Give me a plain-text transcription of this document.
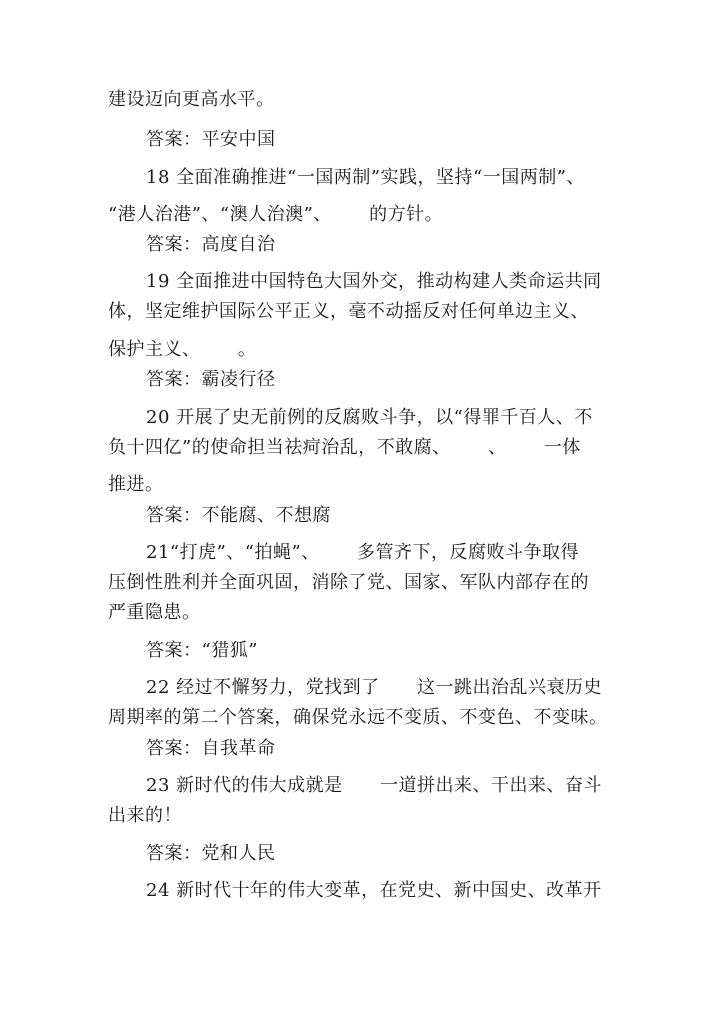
建设迈向更高水平。
答案：平安中国
18 全面准确推进“一国两制”实践，坚持“一国两制”、
“港人治港”、“澳人治澳”、      的方针。
答案：高度自治
19 全面推进中国特色大国外交，推动构建人类命运共同
体，坚定维护国际公平正义，毫不动摇反对任何单边主义、
保护主义、      。
答案：霸凌行径
20 开展了史无前例的反腐败斗争，以“得罪千百人、不
负十四亿”的使命担当祛疴治乱，不敢腐、      、      一体
推进。
答案：不能腐、不想腐
21“打虎”、“拍蝇”、      多管齐下，反腐败斗争取得
压倒性胜利并全面巩固，消除了党、国家、军队内部存在的
严重隐患。
答案：“猎狐”
22 经过不懈努力，党找到了      这一跳出治乱兴衰历史
周期率的第二个答案，确保党永远不变质、不变色、不变味。
答案：自我革命
23 新时代的伟大成就是      一道拼出来、干出来、奋斗
出来的！
答案：党和人民
24 新时代十年的伟大变革，在党史、新中国史、改革开
